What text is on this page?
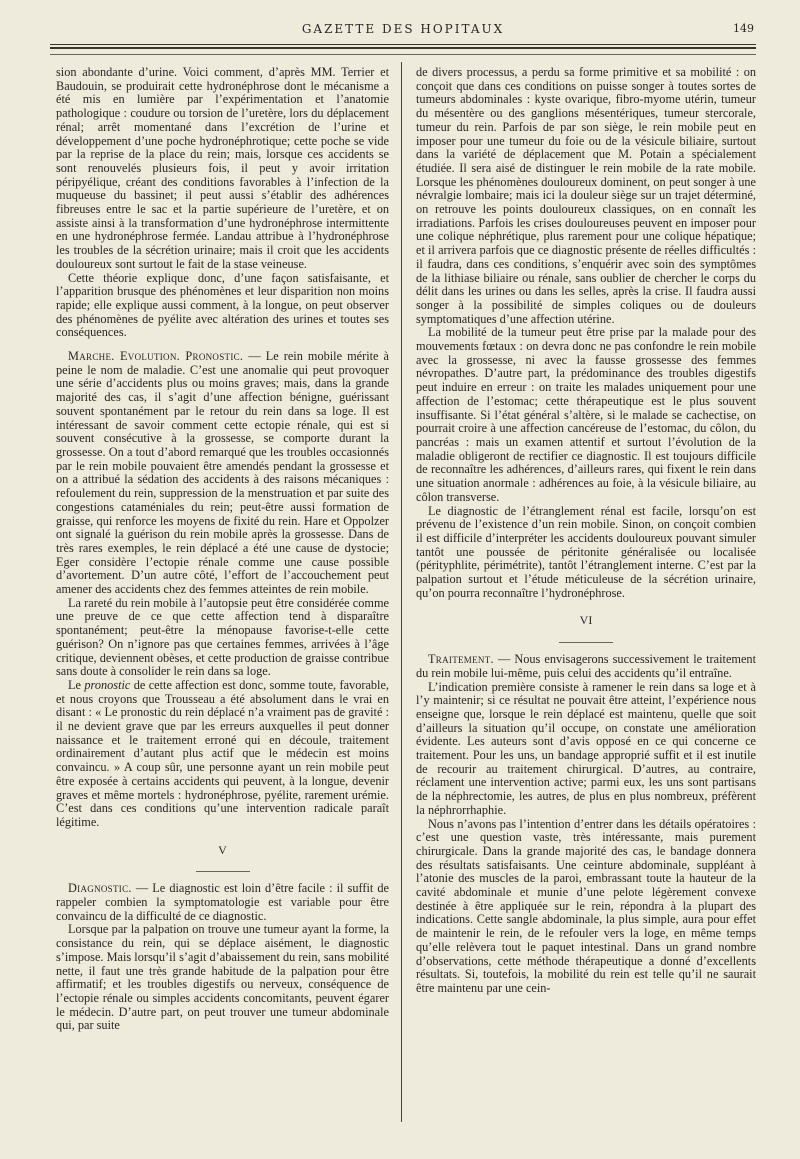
GAZETTE DES HOPITAUX	149

sion abondante d’urine. Voici comment, d’après MM. Terrier et Baudouin, se produirait cette hydronéphrose dont le mécanisme a été mis en lumière par l’expérimentation et l’anatomie pathologique : coudure ou torsion de l’uretère, lors du déplacement rénal; arrêt momentané dans l’excrétion de l’urine et développement d’une poche hydronéphrotique; cette poche se vide par la reprise de la place du rein; mais, lorsque ces accidents se sont renouvelés plusieurs fois, il peut y avoir irritation péripyélique, créant des conditions favorables à l’infection de la muqueuse du bassinet; il peut aussi s’établir des adhérences fibreuses entre le sac et la partie supérieure de l’uretère, et on assiste ainsi à la transformation d’une hydronéphrose intermittente en une hydronéphrose fermée. Landau attribue à l’hydronéphrose les troubles de la sécrétion urinaire; mais il croit que les accidents douloureux sont surtout le fait de la stase veineuse.

Cette théorie explique donc, d’une façon satisfaisante, et l’apparition brusque des phénomènes et leur disparition non moins rapide; elle explique aussi comment, à la longue, on peut observer des phénomènes de pyélite avec altération des urines et toutes ses conséquences.

Marche. Evolution. Pronostic. — Le rein mobile mérite à peine le nom de maladie. C’est une anomalie qui peut provoquer une série d’accidents plus ou moins graves; mais, dans la grande majorité des cas, il s’agit d’une affection bénigne, guérissant souvent spontanément par le retour du rein dans sa loge. Il est intéressant de savoir comment cette ectopie rénale, qui est si souvent consécutive à la grossesse, se comporte durant la grossesse. On a tout d’abord remarqué que les troubles occasionnés par le rein mobile pouvaient être amendés pendant la grossesse et on a attribué la sédation des accidents à des raisons mécaniques : refoulement du rein, suppression de la menstruation et par suite des congestions cataméniales du rein; peut-être aussi formation de graisse, qui renforce les moyens de fixité du rein. Hare et Oppolzer ont signalé la guérison du rein mobile après la grossesse. Dans de très rares exemples, le rein déplacé a été une cause de dystocie; Eger considère l’ectopie rénale comme une cause possible d’avortement. D’un autre côté, l’effort de l’accouchement peut amener des accidents chez des femmes atteintes de rein mobile.

La rareté du rein mobile à l’autopsie peut être considérée comme une preuve de ce que cette affection tend à disparaître spontanément; peut-être la ménopause favorise-t-elle cette guérison? On n’ignore pas que certaines femmes, arrivées à l’âge critique, deviennent obèses, et cette production de graisse contribue sans doute à consolider le rein dans sa loge.

Le pronostic de cette affection est donc, somme toute, favorable, et nous croyons que Trousseau a été absolument dans le vrai en disant : « Le pronostic du rein déplacé n’a vraiment pas de gravité : il ne devient grave que par les erreurs auxquelles il peut donner naissance et le traitement erroné qui en découle, traitement ordinairement d’autant plus actif que le médecin est moins convaincu. » A coup sûr, une personne ayant un rein mobile peut être exposée à certains accidents qui peuvent, à la longue, devenir graves et même mortels : hydronéphrose, pyélite, rarement urémie. C’est dans ces conditions qu’une intervention radicale paraît légitime.

V

Diagnostic. — Le diagnostic est loin d’être facile : il suffit de rappeler combien la symptomatologie est variable pour être convaincu de la difficulté de ce diagnostic.

Lorsque par la palpation on trouve une tumeur ayant la forme, la consistance du rein, qui se déplace aisément, le diagnostic s’impose. Mais lorsqu’il s’agit d’abaissement du rein, sans mobilité nette, il faut une très grande habitude de la palpation pour être affirmatif; et les troubles digestifs ou nerveux, conséquence de l’ectopie rénale ou simples accidents concomitants, peuvent égarer le médecin. D’autre part, on peut trouver une tumeur abdominale qui, par suite

de divers processus, a perdu sa forme primitive et sa mobilité : on conçoit que dans ces conditions on puisse songer à toutes sortes de tumeurs abdominales : kyste ovarique, fibro-myome utérin, tumeur du mésentère ou des ganglions mésentériques, tumeur stercorale, tumeur du rein. Parfois de par son siège, le rein mobile peut en imposer pour une tumeur du foie ou de la vésicule biliaire, surtout dans la variété de déplacement que M. Potain a spécialement étudiée. Il sera aisé de distinguer le rein mobile de la rate mobile. Lorsque les phénomènes douloureux dominent, on peut songer à une névralgie lombaire; mais ici la douleur siège sur un trajet déterminé, on retrouve les points douloureux classiques, on en connaît les irradiations. Parfois les crises douloureuses peuvent en imposer pour une colique néphrétique, plus rarement pour une colique hépatique; et il arrivera parfois que ce diagnostic présente de réelles difficultés : il faudra, dans ces conditions, s’enquérir avec soin des symptômes de la lithiase biliaire ou rénale, sans oublier de chercher le corps du délit dans les urines ou dans les selles, après la crise. Il faudra aussi songer à la possibilité de simples coliques ou de douleurs symptomatiques d’une affection utérine.

La mobilité de la tumeur peut être prise par la malade pour des mouvements fœtaux : on devra donc ne pas confondre le rein mobile avec la grossesse, ni avec la fausse grossesse des femmes névropathes. D’autre part, la prédominance des troubles digestifs peut induire en erreur : on traite les malades uniquement pour une affection de l’estomac; cette thérapeutique est le plus souvent insuffisante. Si l’état général s’altère, si le malade se cachectise, on pourrait croire à une affection cancéreuse de l’estomac, du côlon, du pancréas : mais un examen attentif et surtout l’évolution de la maladie obligeront de rectifier ce diagnostic. Il est toujours difficile de reconnaître les adhérences, d’ailleurs rares, qui fixent le rein dans une situation anormale : adhérences au foie, à la vésicule biliaire, au côlon transverse.

Le diagnostic de l’étranglement rénal est facile, lorsqu’on est prévenu de l’existence d’un rein mobile. Sinon, on conçoit combien il est difficile d’interpréter les accidents douloureux pouvant simuler tantôt une poussée de péritonite généralisée ou localisée (pérityphlite, périmétrite), tantôt l’étranglement interne. C’est par la palpation surtout et l’étude méticuleuse de la sécrétion urinaire, qu’on pourra reconnaître l’hydronéphrose.

VI

Traitement. — Nous envisagerons successivement le traitement du rein mobile lui-même, puis celui des accidents qu’il entraîne.

L’indication première consiste à ramener le rein dans sa loge et à l’y maintenir; si ce résultat ne pouvait être atteint, l’expérience nous enseigne que, lorsque le rein déplacé est maintenu, quelle que soit d’ailleurs la situation qu’il occupe, on constate une amélioration évidente. Les auteurs sont d’avis opposé en ce qui concerne ce traitement. Pour les uns, un bandage approprié suffit et il est inutile de recourir au traitement chirurgical. D’autres, au contraire, réclament une intervention active; parmi eux, les uns sont partisans de la néphrectomie, les autres, de plus en plus nombreux, préfèrent la néphrorrhaphie.

Nous n’avons pas l’intention d’entrer dans les détails opératoires : c’est une question vaste, très intéressante, mais purement chirurgicale. Dans la grande majorité des cas, le bandage donnera des résultats satisfaisants. Une ceinture abdominale, suppléant à l’atonie des muscles de la paroi, embrassant toute la hauteur de la cavité abdominale et munie d’une pelote légèrement convexe destinée à être appliquée sur le rein, répondra à la plupart des indications. Cette sangle abdominale, la plus simple, aura pour effet de maintenir le rein, de le refouler vers la loge, en même temps qu’elle relèvera tout le paquet intestinal. Dans un grand nombre d’observations, cette méthode thérapeutique a donné d’excellents résultats. Si, toutefois, la mobilité du rein est telle qu’il ne saurait être maintenu par une cein-
